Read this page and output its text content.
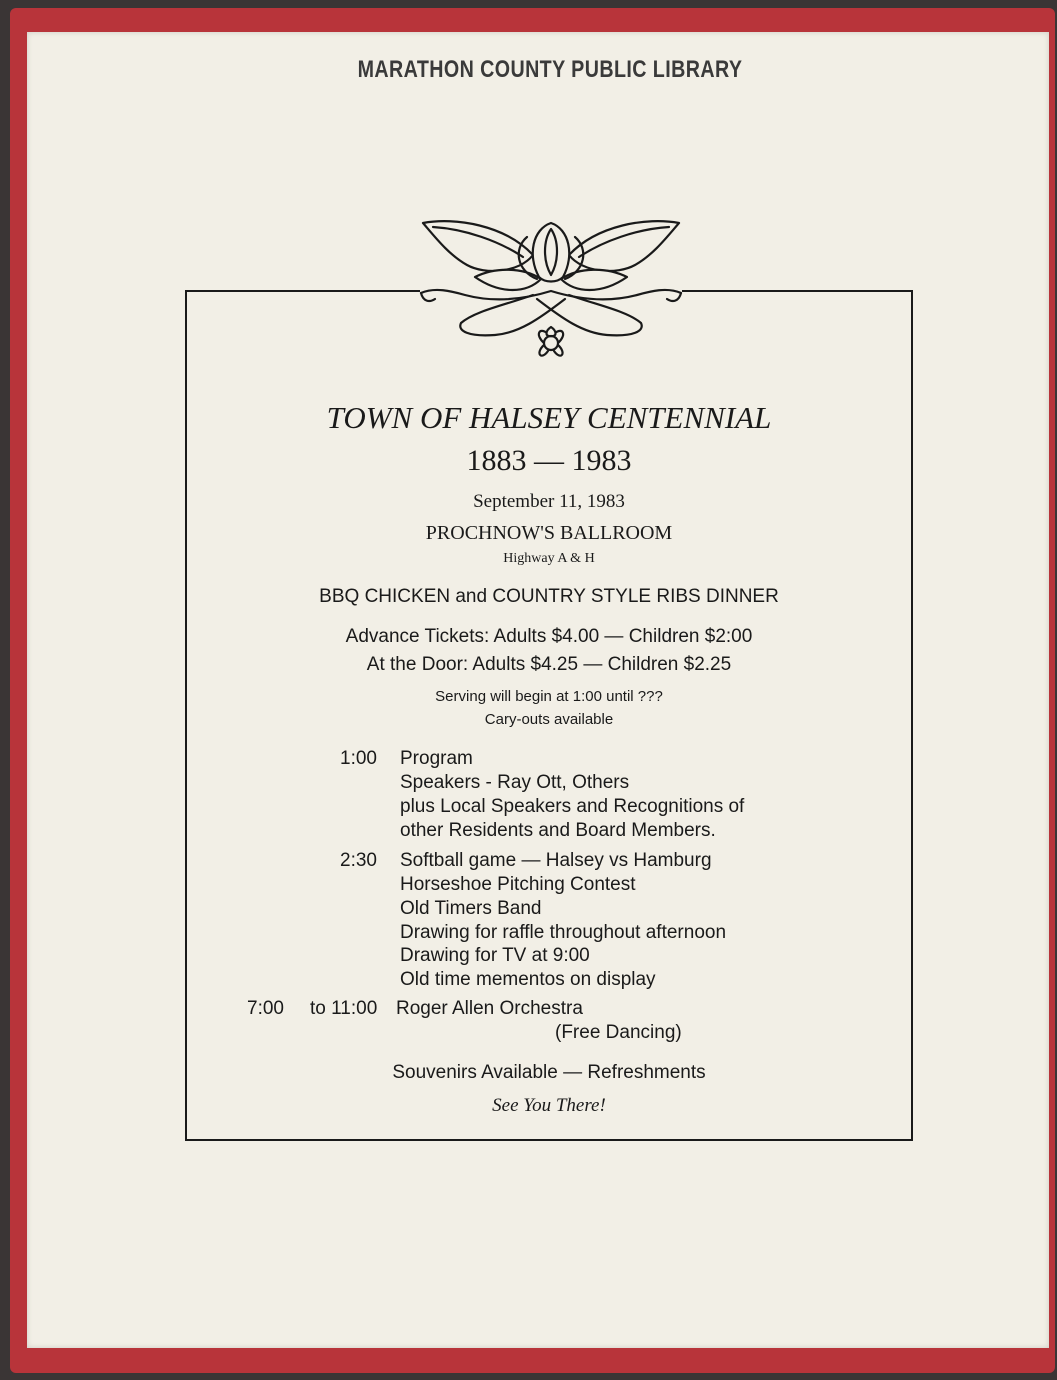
MARATHON COUNTY PUBLIC LIBRARY
TOWN OF HALSEY CENTENNIAL
1883 — 1983
September 11, 1983
PROCHNOW'S BALLROOM
Highway A & H
BBQ CHICKEN and COUNTRY STYLE RIBS DINNER
Advance Tickets: Adults $4.00 — Children $2:00
At the Door: Adults $4.25 — Children $2.25
Serving will begin at 1:00 until ???
Cary-outs available
1:00 Program
Speakers - Ray Ott, Others
plus Local Speakers and Recognitions of
other Residents and Board Members.
2:30 Softball game — Halsey vs Hamburg
Horseshoe Pitching Contest
Old Timers Band
Drawing for raffle throughout afternoon
Drawing for TV at 9:00
Old time mementos on display
7:00 to 11:00 Roger Allen Orchestra
(Free Dancing)
Souvenirs Available — Refreshments
See You There!
